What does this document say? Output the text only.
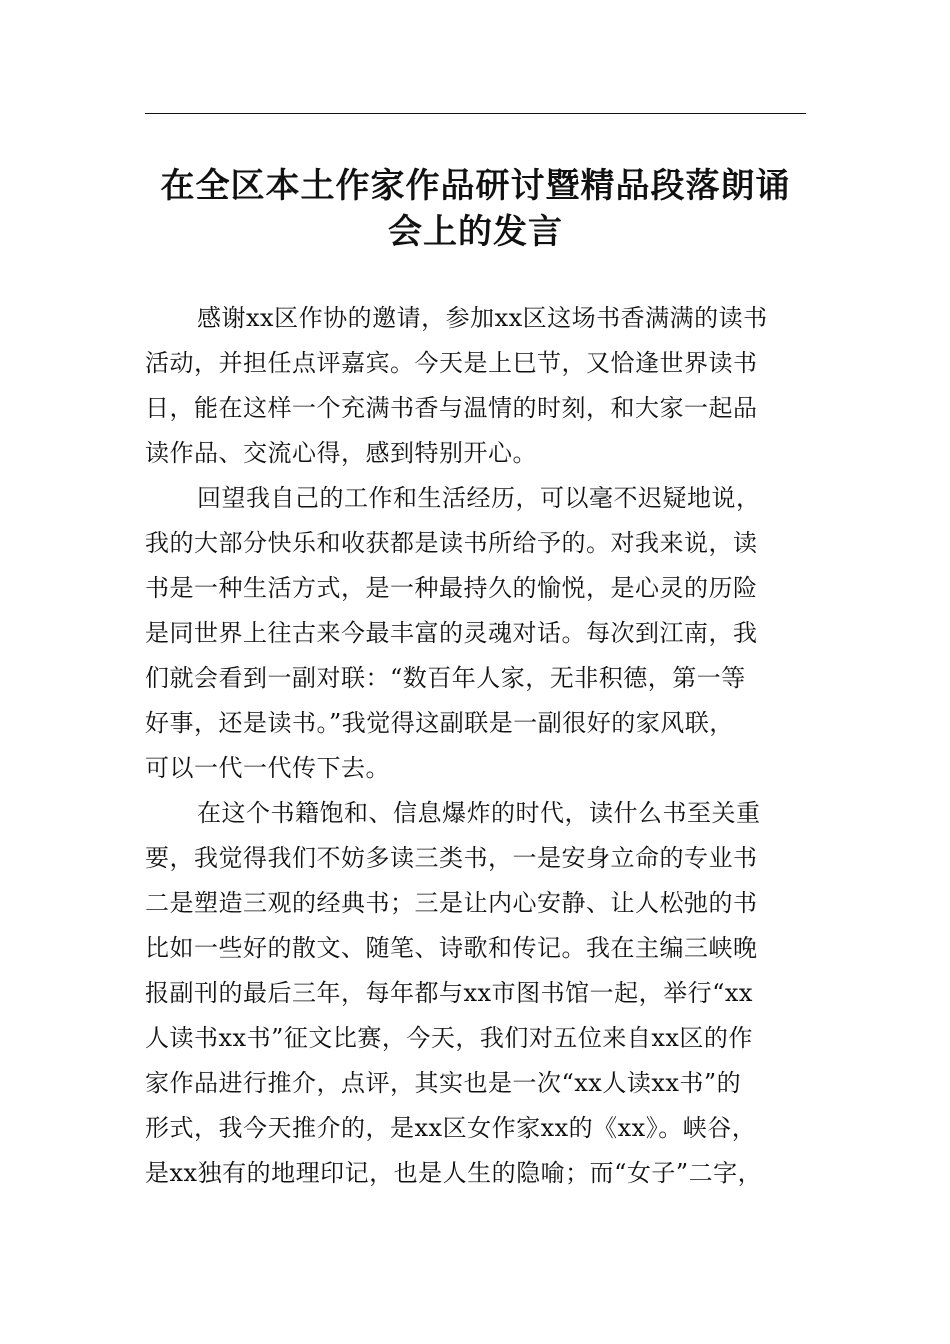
在全区本土作家作品研讨暨精品段落朗诵
会上的发言
感谢xx区作协的邀请，参加xx区这场书香满满的读书
活动，并担任点评嘉宾。今天是上巳节，又恰逢世界读书
日，能在这样一个充满书香与温情的时刻，和大家一起品
读作品、交流心得，感到特别开心。
回望我自己的工作和生活经历，可以毫不迟疑地说，
我的大部分快乐和收获都是读书所给予的。对我来说，读
书是一种生活方式，是一种最持久的愉悦，是心灵的历险
是同世界上往古来今最丰富的灵魂对话。每次到江南，我
们就会看到一副对联：“数百年人家，无非积德，第一等
好事，还是读书。”我觉得这副联是一副很好的家风联，
可以一代一代传下去。
在这个书籍饱和、信息爆炸的时代，读什么书至关重
要，我觉得我们不妨多读三类书，一是安身立命的专业书
二是塑造三观的经典书；三是让内心安静、让人松弛的书
比如一些好的散文、随笔、诗歌和传记。我在主编三峡晚
报副刊的最后三年，每年都与xx市图书馆一起，举行“xx
人读书xx书”征文比赛，今天，我们对五位来自xx区的作
家作品进行推介，点评，其实也是一次“xx人读xx书”的
形式，我今天推介的，是xx区女作家xx的《xx》。峡谷，
是xx独有的地理印记，也是人生的隐喻；而“女子”二字，
